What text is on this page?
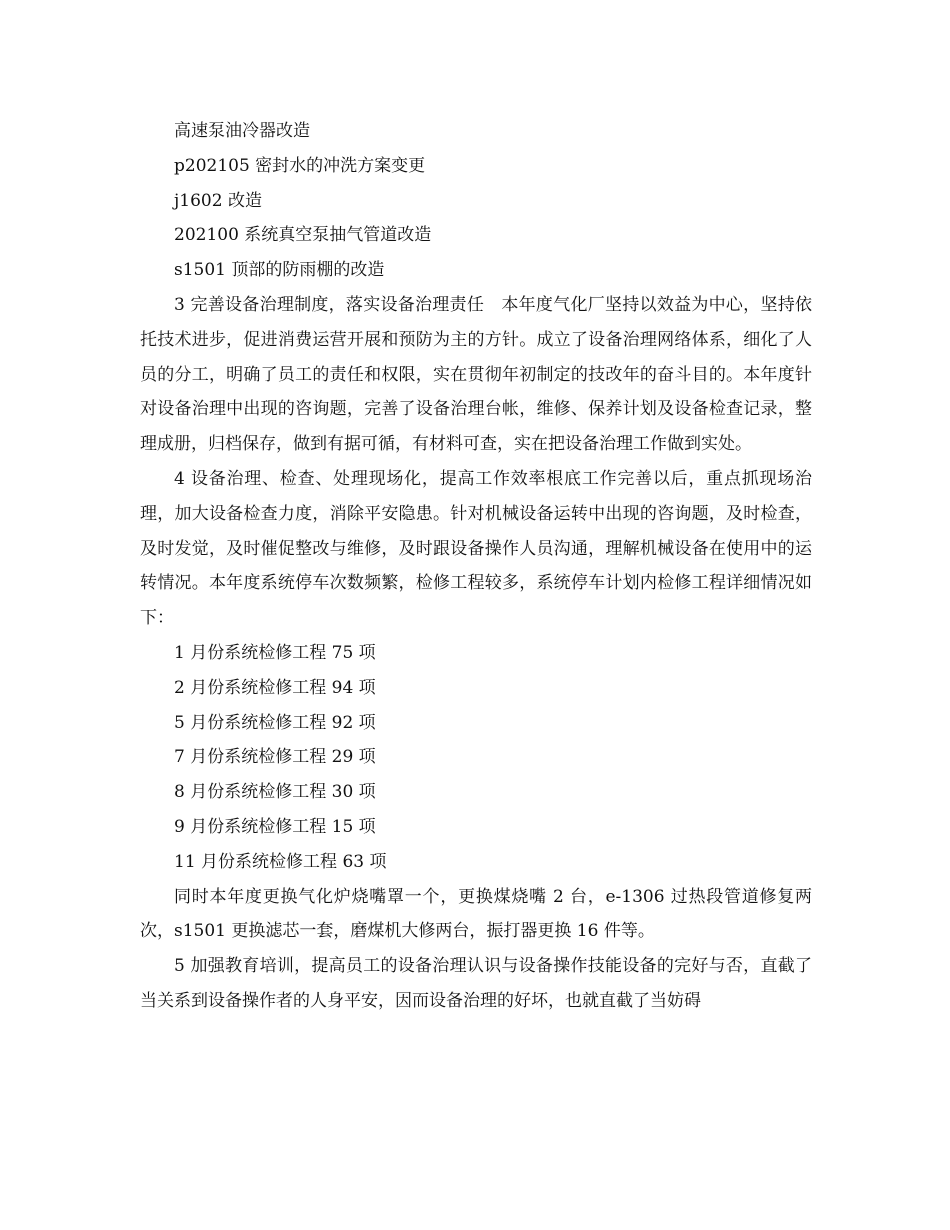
高速泵油冷器改造

p202105 密封水的冲洗方案变更

j1602 改造

202100 系统真空泵抽气管道改造

s1501 顶部的防雨棚的改造

3 完善设备治理制度，落实设备治理责任　本年度气化厂坚持以效益为中心，坚持依托技术进步，促进消费运营开展和预防为主的方针。成立了设备治理网络体系，细化了人员的分工，明确了员工的责任和权限，实在贯彻年初制定的技改年的奋斗目的。本年度针对设备治理中出现的咨询题，完善了设备治理台帐，维修、保养计划及设备检查记录，整理成册，归档保存，做到有据可循，有材料可查，实在把设备治理工作做到实处。

4 设备治理、检查、处理现场化，提高工作效率根底工作完善以后，重点抓现场治理，加大设备检查力度，消除平安隐患。针对机械设备运转中出现的咨询题，及时检查，及时发觉，及时催促整改与维修，及时跟设备操作人员沟通，理解机械设备在使用中的运转情况。本年度系统停车次数频繁，检修工程较多，系统停车计划内检修工程详细情况如下：

1 月份系统检修工程 75 项

2 月份系统检修工程 94 项

5 月份系统检修工程 92 项

7 月份系统检修工程 29 项

8 月份系统检修工程 30 项

9 月份系统检修工程 15 项

11 月份系统检修工程 63 项

同时本年度更换气化炉烧嘴罩一个，更换煤烧嘴 2 台，e-1306 过热段管道修复两次，s1501 更换滤芯一套，磨煤机大修两台，振打器更换 16 件等。

5 加强教育培训，提高员工的设备治理认识与设备操作技能设备的完好与否，直截了当关系到设备操作者的人身平安，因而设备治理的好坏，也就直截了当妨碍
